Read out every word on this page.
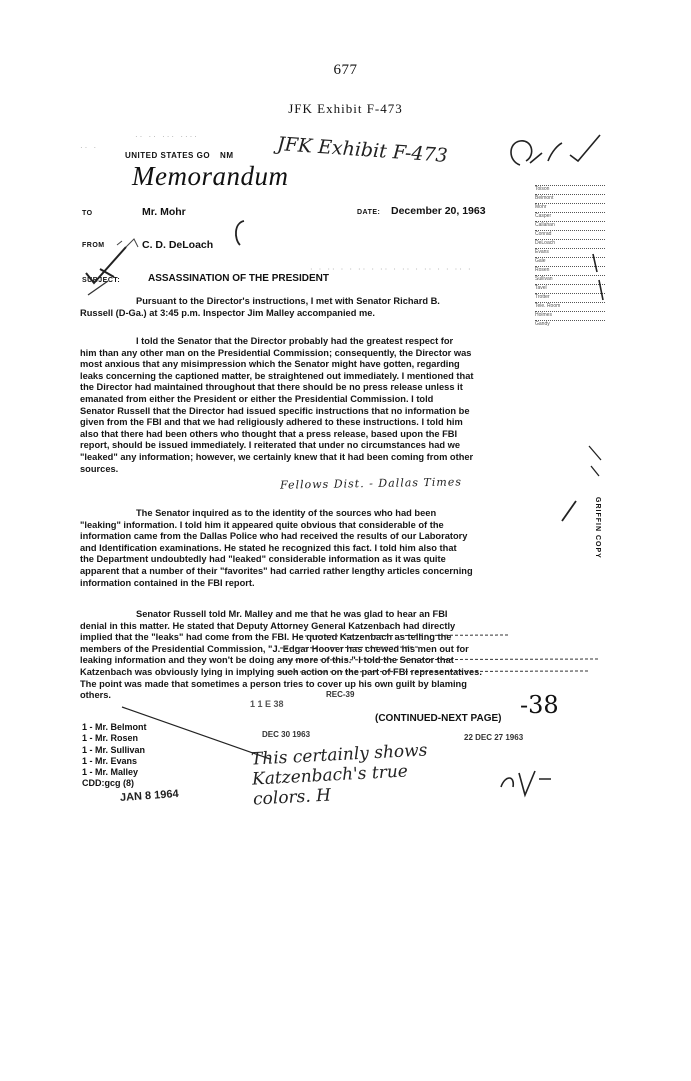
677
JFK Exhibit F-473
·· ·· ··· ····
·· ·
UNITED STATES GO NM JFK Exhibit F-473
Memorandum	Tolson
Belmont
Mohr
Casper
Callahan
Conrad
DeLoach
Evans
Gale
Rosen
Sullivan
Tavel
Trotter
Tele. Room
Holmes
Gandy
TO	Mr. Mohr	DATE: December 20, 1963
FROM	C. D. DeLoach
SUBJECT:	ASSASSINATION OF THE PRESIDENT
· · ·· · · ·· · ·· · ·· · ·· · · ·· ·
Pursuant to the Director's instructions, I met with Senator Richard B.
Russell (D-Ga.) at 3:45 p.m. Inspector Jim Malley accompanied me.
I told the Senator that the Director probably had the greatest respect for
him than any other man on the Presidential Commission; consequently, the Director was
most anxious that any misimpression which the Senator might have gotten, regarding
leaks concerning the captioned matter, be straightened out immediately. I mentioned that
the Director had maintained throughout that there should be no press release unless it
emanated from either the President or either the Presidential Commission. I told
Senator Russell that the Director had issued specific instructions that no information be
given from the FBI and that we had religiously adhered to these instructions. I told him
also that there had been others who thought that a press release, based upon the FBI
report, should be issued immediately. I reiterated that under no circumstances had we
"leaked" any information; however, we certainly knew that it had been coming from other
sources.
Fellows Dist. - Dallas Times
The Senator inquired as to the identity of the sources who had been
"leaking" information. I told him it appeared quite obvious that considerable of the
information came from the Dallas Police who had received the results of our Laboratory
and Identification examinations. He stated he recognized this fact. I told him also that
the Department undoubtedly had "leaked" considerable information as it was quite
apparent that a number of their "favorites" had carried rather lengthy articles concerning
information contained in the FBI report.
GRIFFIN COPY
Senator Russell told Mr. Malley and me that he was glad to hear an FBI
denial in this matter. He stated that Deputy Attorney General Katzenbach had directly
implied that the "leaks" had come from the FBI. He quoted Katzenbach as telling the
members of the Presidential Commission, "J. Edgar Hoover has chewed his men out for
leaking information and they won't be doing any more of this." I told the Senator that
Katzenbach was obviously lying in implying such action on the part of FBI representatives.
The point was made that sometimes a person tries to cover up his own guilt by blaming
others.
1 1 E 38
REC-39
(CONTINUED-NEXT PAGE) -38
DEC 30 1963	22 DEC 27 1963
1 - Mr. Belmont
1 - Mr. Rosen
1 - Mr. Sullivan
1 - Mr. Evans
1 - Mr. Malley
CDD:gcg (8)
JAN 8 1964
This certainly shows
Katzenbach's true
colors. H
